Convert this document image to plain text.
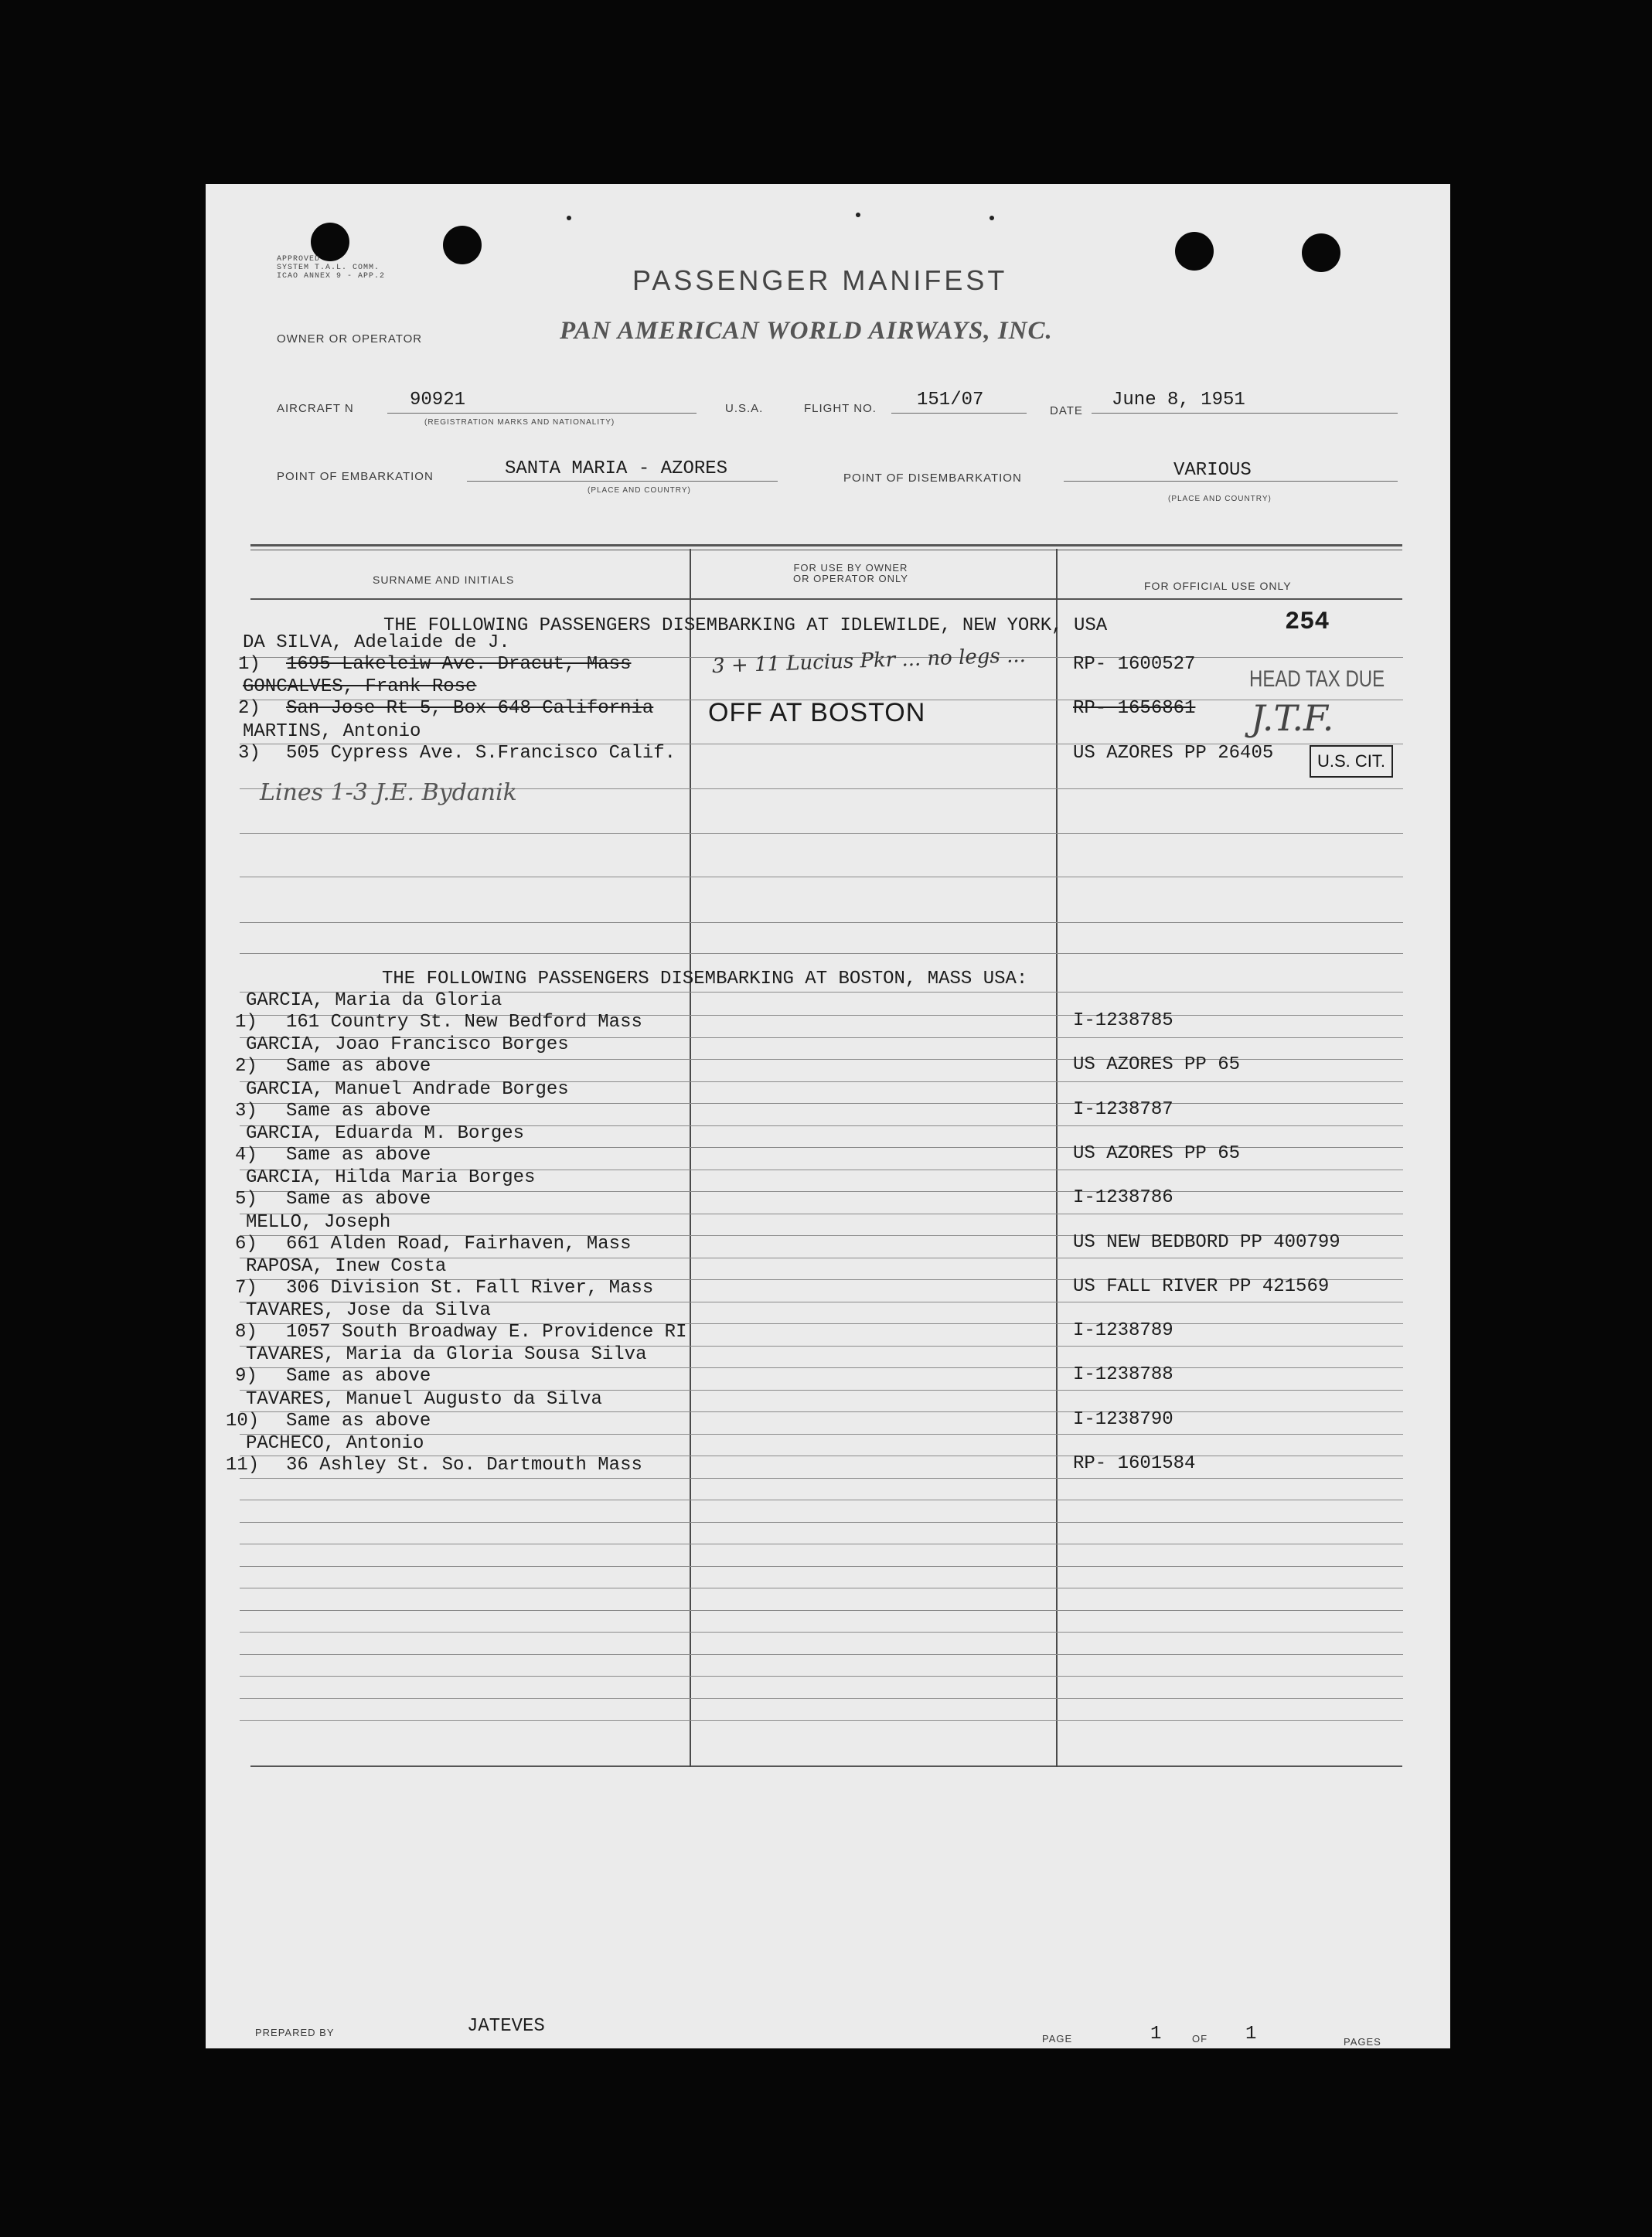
APPROVED
SYSTEM T.A.L. COMM.
ICAO ANNEX 9 - APP.2	PASSENGER MANIFEST
OWNER OR OPERATOR	PAN AMERICAN WORLD AIRWAYS, INC.
AIRCRAFT N	90921
(REGISTRATION MARKS AND NATIONALITY)
U.S.A.	FLIGHT NO. 151/07
DATE
June 8, 1951
POINT OF EMBARKATION	SANTA MARIA - AZORES
(PLACE AND COUNTRY)
POINT OF DISEMBARKATION	VARIOUS
(PLACE AND COUNTRY)
SURNAME AND INITIALS
FOR USE BY OWNER
OR OPERATOR ONLY
FOR OFFICIAL USE ONLY
THE FOLLOWING PASSENGERS DISEMBARKING AT IDLEWILDE, NEW YORK, USA	254
DA SILVA, Adelaide de J.
1) 1695 Lakeleiw Ave. Dracut, Mass	RP- 1600527
GONCALVES, Frank Rose
2) San Jose Rt 5, Box 648 California	RP- 1656861
MARTINS, Antonio
3) 505 Cypress Ave. S.Francisco Calif.	US AZORES PP 26405
3 + 11 Lucius Pkr ... no legs ...
OFF AT BOSTON
HEAD TAX DUE
J.T.F.
U.S. CIT.
Lines 1-3 J.E. Bydanik
THE FOLLOWING PASSENGERS DISEMBARKING AT BOSTON, MASS USA:
GARCIA, Maria da Gloria
1) 161 Country St. New Bedford Mass	I-1238785
GARCIA, Joao Francisco Borges
2) Same as above	US AZORES PP 65
GARCIA, Manuel Andrade Borges
3) Same as above	I-1238787
GARCIA, Eduarda M. Borges
4) Same as above	US AZORES PP 65
GARCIA, Hilda Maria Borges
5) Same as above	I-1238786
MELLO, Joseph
6) 661 Alden Road, Fairhaven, Mass	US NEW BEDBORD PP 400799
RAPOSA, Inew Costa
7) 306 Division St. Fall River, Mass	US FALL RIVER PP 421569
TAVARES, Jose da Silva
8) 1057 South Broadway E. Providence RI	I-1238789
TAVARES, Maria da Gloria Sousa Silva
9) Same as above	I-1238788
TAVARES, Manuel Augusto da Silva
10) Same as above	I-1238790
PACHECO, Antonio
11) 36 Ashley St. So. Dartmouth Mass	RP- 1601584
PREPARED BY	JATEVES
PAGE	1	OF 1	PAGES
